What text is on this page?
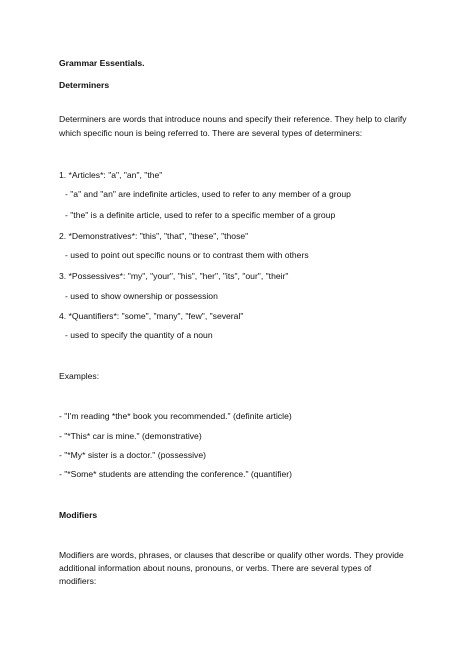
Grammar Essentials.
Determiners
Determiners are words that introduce nouns and specify their reference. They help to clarify
which specific noun is being referred to. There are several types of determiners:
1. *Articles*: "a", "an", "the"
- "a" and "an" are indefinite articles, used to refer to any member of a group
- "the" is a definite article, used to refer to a specific member of a group
2. *Demonstratives*: "this", "that", "these", "those"
- used to point out specific nouns or to contrast them with others
3. *Possessives*: "my", "your", "his", "her", "its", "our", "their"
- used to show ownership or possession
4. *Quantifiers*: "some", "many", "few", "several"
- used to specify the quantity of a noun
Examples:
- "I'm reading *the* book you recommended." (definite article)
- "*This* car is mine." (demonstrative)
- "*My* sister is a doctor." (possessive)
- "*Some* students are attending the conference." (quantifier)
Modifiers
Modifiers are words, phrases, or clauses that describe or qualify other words. They provide
additional information about nouns, pronouns, or verbs. There are several types of
modifiers:
